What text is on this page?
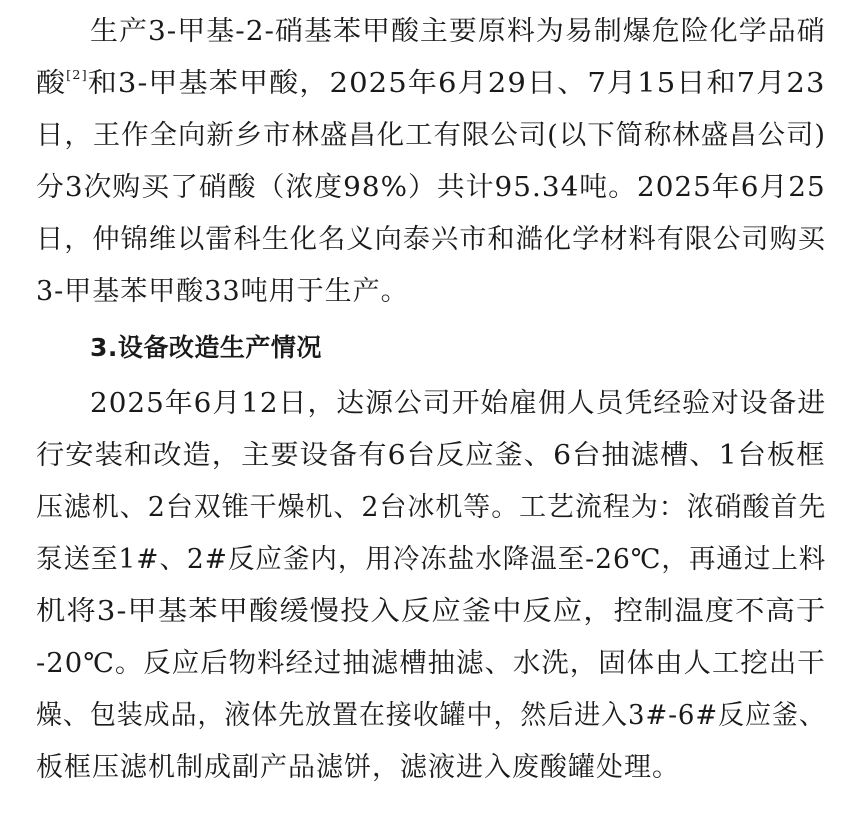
生产3-甲基-2-硝基苯甲酸主要原料为易制爆危险化学品硝
酸[2]和3-甲基苯甲酸，2025年6月29日、7月15日和7月23
日，王作全向新乡市林盛昌化工有限公司(以下简称林盛昌公司)
分3次购买了硝酸（浓度98%）共计95.34吨。2025年6月25
日，仲锦维以雷科生化名义向泰兴市和澔化学材料有限公司购买
3-甲基苯甲酸33吨用于生产。
3.设备改造生产情况
2025年6月12日，达源公司开始雇佣人员凭经验对设备进
行安装和改造，主要设备有6台反应釜、6台抽滤槽、1台板框
压滤机、2台双锥干燥机、2台冰机等。工艺流程为：浓硝酸首先
泵送至1#、2#反应釜内，用冷冻盐水降温至-26℃，再通过上料
机将3-甲基苯甲酸缓慢投入反应釜中反应，控制温度不高于
-20℃。反应后物料经过抽滤槽抽滤、水洗，固体由人工挖出干
燥、包装成品，液体先放置在接收罐中，然后进入3#-6#反应釜、
板框压滤机制成副产品滤饼，滤液进入废酸罐处理。
